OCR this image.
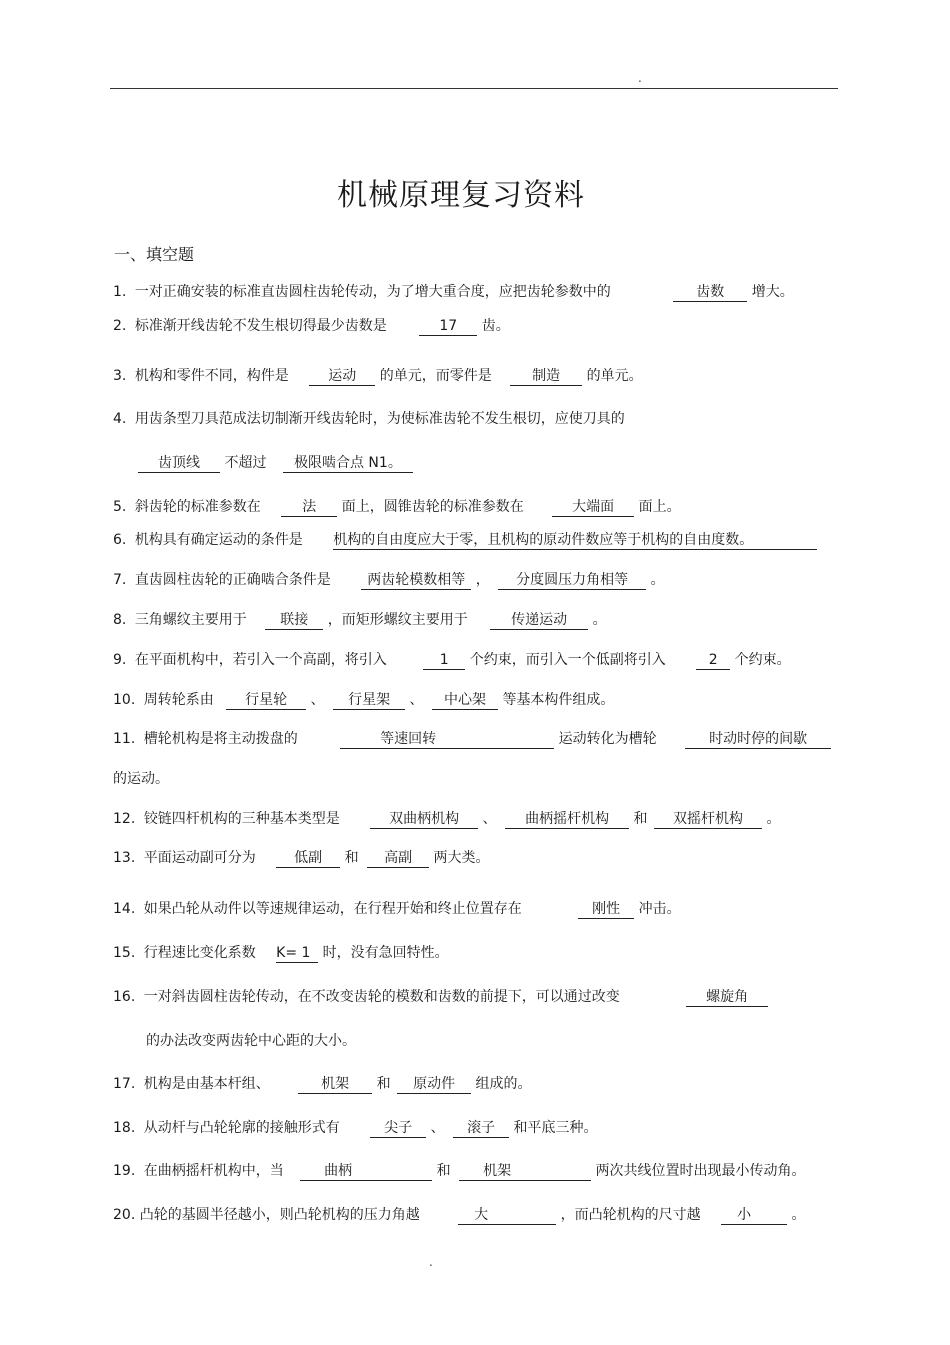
.
机械原理复习资料
一、填空题
1. 一对正确安装的标准直齿圆柱齿轮传动，为了增大重合度，应把齿轮参数中的	齿数 增大。
2. 标准渐开线齿轮不发生根切得最少齿数是	17 齿。
3. 机构和零件不同，构件是	运动 的单元，而零件是	制造 的单元。
4. 用齿条型刀具范成法切制渐开线齿轮时，为使标准齿轮不发生根切，应使刀具的
齿顶线 不超过 极限啮合点 N1。
5. 斜齿轮的标准参数在	法 面上，圆锥齿轮的标准参数在	大端面 面上。
6. 机构具有确定运动的条件是 机构的自由度应大于零，且机构的原动件数应等于机构的自由度数。
7. 直齿圆柱齿轮的正确啮合条件是	两齿轮模数相等 ， 分度圆压力角相等 。
8. 三角螺纹主要用于 联接 ，而矩形螺纹主要用于	传递运动 。
9. 在平面机构中，若引入一个高副，将引入	1 个约束，而引入一个低副将引入	2 个约束。
10. 周转轮系由 行星轮 、 行星架 、 中心架 等基本构件组成。
11. 槽轮机构是将主动拨盘的	等速回转	运动转化为槽轮	时动时停的间歇
的运动。
12. 铰链四杆机构的三种基本类型是	双曲柄机构 、 曲柄摇杆机构 和 双摇杆机构 。
13. 平面运动副可分为	低副 和 高副 两大类。
14. 如果凸轮从动件以等速规律运动，在行程开始和终止位置存在	刚性 冲击。
15. 行程速比变化系数 K= 1 时，没有急回特性。
16. 一对斜齿圆柱齿轮传动，在不改变齿轮的模数和齿数的前提下，可以通过改变	螺旋角
的办法改变两齿轮中心距的大小。
17. 机构是由基本杆组、	机架 和 原动件 组成的。
18. 从动杆与凸轮轮廓的接触形式有	尖子 、 滚子 和平底三种。
19. 在曲柄摇杆机构中，当	曲柄	和 机架	两次共线位置时出现最小传动角。
20. 凸轮的基圆半径越小，则凸轮机构的压力角越	大	，而凸轮机构的尺寸越	小	。
.
